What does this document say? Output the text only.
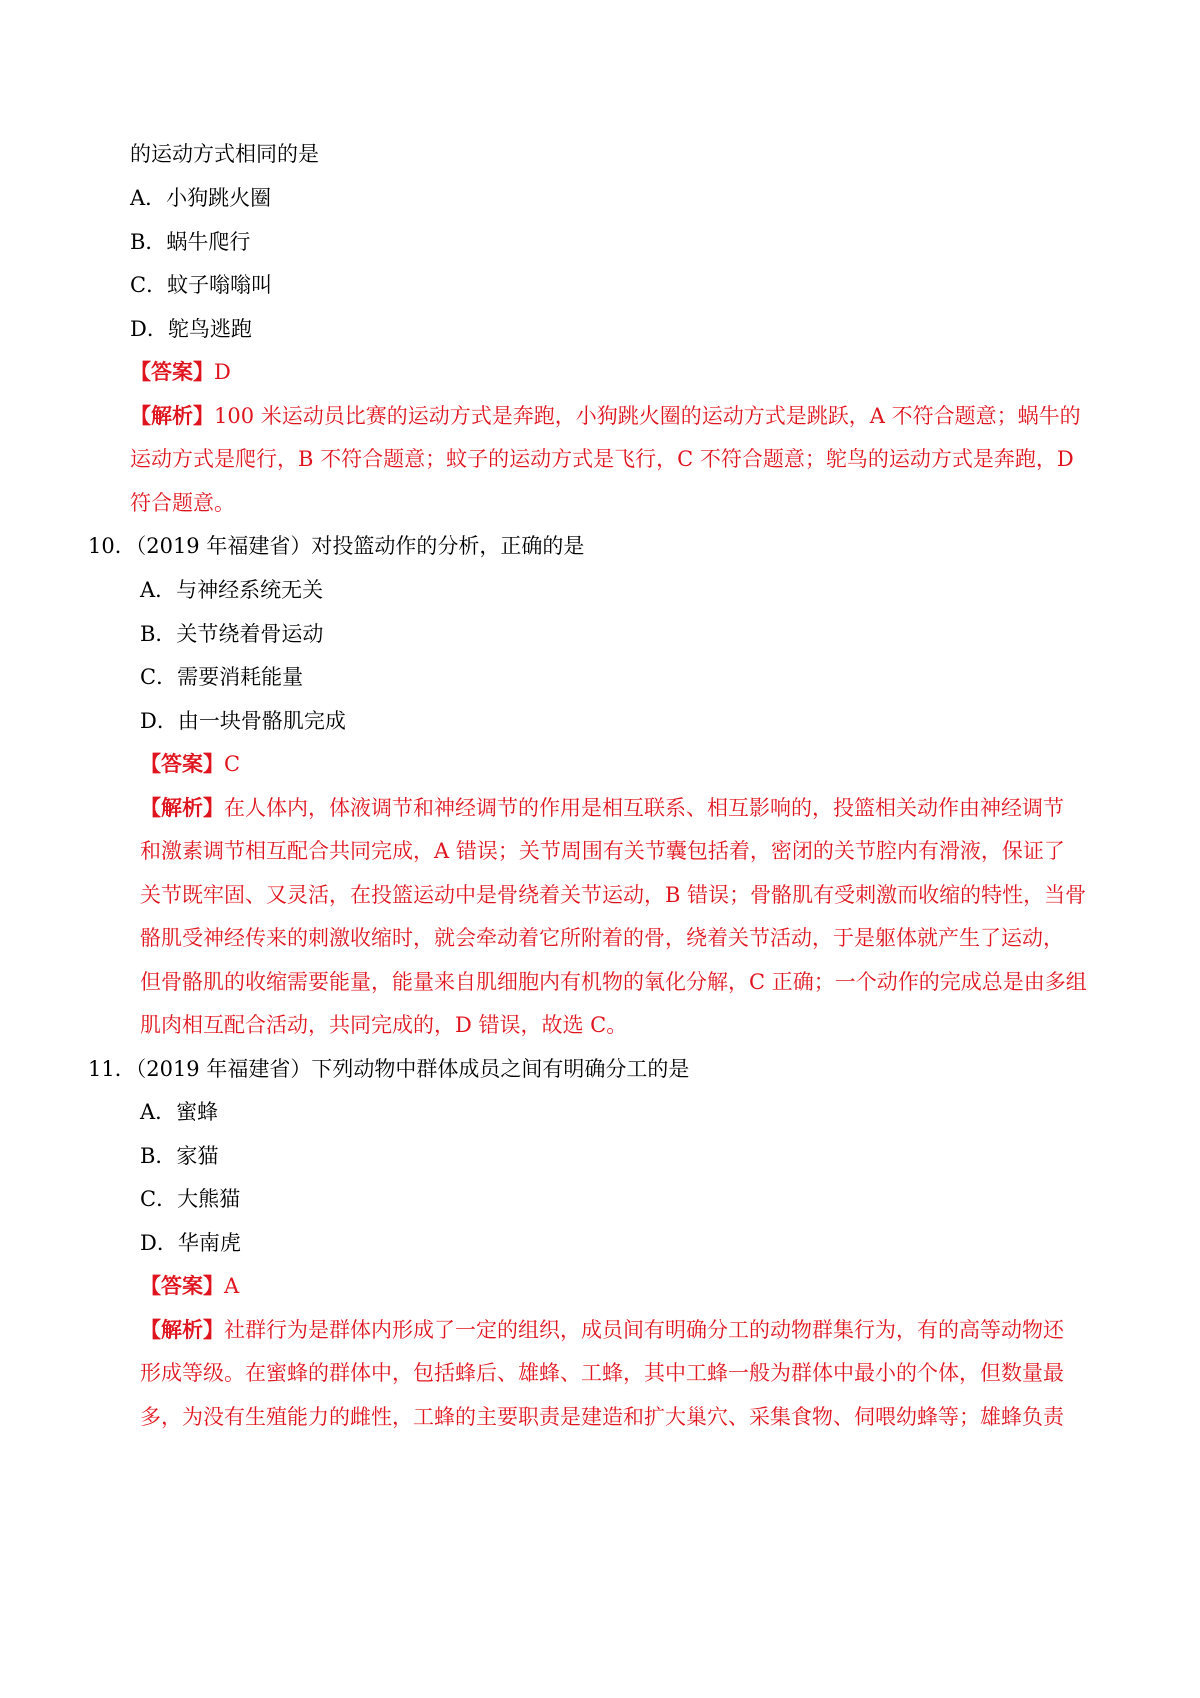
的运动方式相同的是
A．小狗跳火圈
B．蜗牛爬行
C．蚊子嗡嗡叫
D．鸵鸟逃跑
【答案】D
【解析】100 米运动员比赛的运动方式是奔跑，小狗跳火圈的运动方式是跳跃，A 不符合题意；蜗牛的
运动方式是爬行，B 不符合题意；蚊子的运动方式是飞行，C 不符合题意；鸵鸟的运动方式是奔跑，D
符合题意。
10．（2019 年福建省）对投篮动作的分析，正确的是
A．与神经系统无关
B．关节绕着骨运动
C．需要消耗能量
D．由一块骨骼肌完成
【答案】C
【解析】在人体内，体液调节和神经调节的作用是相互联系、相互影响的，投篮相关动作由神经调节
和激素调节相互配合共同完成，A 错误；关节周围有关节囊包括着，密闭的关节腔内有滑液，保证了
关节既牢固、又灵活，在投篮运动中是骨绕着关节运动，B 错误；骨骼肌有受刺激而收缩的特性，当骨
骼肌受神经传来的刺激收缩时，就会牵动着它所附着的骨，绕着关节活动，于是躯体就产生了运动，
但骨骼肌的收缩需要能量，能量来自肌细胞内有机物的氧化分解，C 正确；一个动作的完成总是由多组
肌肉相互配合活动，共同完成的，D 错误，故选 C。
11．（2019 年福建省）下列动物中群体成员之间有明确分工的是
A．蜜蜂
B．家猫
C．大熊猫
D．华南虎
【答案】A
【解析】社群行为是群体内形成了一定的组织，成员间有明确分工的动物群集行为，有的高等动物还
形成等级。在蜜蜂的群体中，包括蜂后、雄蜂、工蜂，其中工蜂一般为群体中最小的个体，但数量最
多，为没有生殖能力的雌性，工蜂的主要职责是建造和扩大巢穴、采集食物、伺喂幼蜂等；雄蜂负责
